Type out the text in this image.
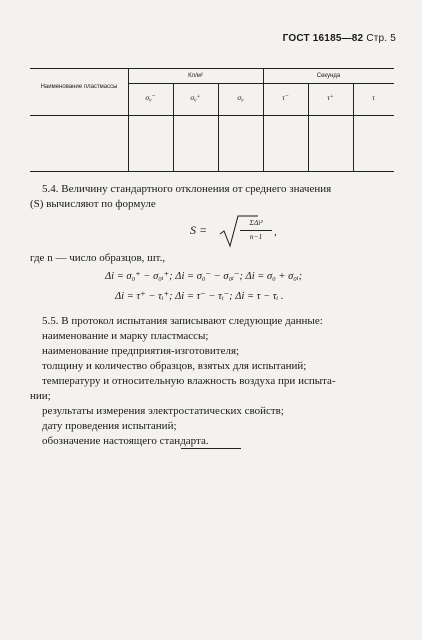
ГОСТ 16185—82 Стр. 5
Наименование пластмассы
Кл/м²	Секунда
σ₀⁻	σ₀⁺	σ₀	τ⁻	τ⁺	τ
5.4. Величину стандартного отклонения от среднего значения
(S) вычисляют по формуле
S =
ΣΔi²
n−1	,
где n — число образцов, шт.,
Δi = σ₀⁺ − σ₀ᵢ⁺; Δi = σ₀⁻ − σ₀ᵢ⁻; Δi = σ₀ + σ₀ᵢ;
Δi = τ⁺ − τᵢ⁺; Δi = τ⁻ − τᵢ⁻; Δi = τ − τᵢ .
5.5. В протокол испытания записывают следующие данные:
наименование и марку пластмассы;
наименование предприятия-изготовителя;
толщину и количество образцов, взятых для испытаний;
температуру и относительную влажность воздуха при испыта-
нии;
результаты измерения электростатических свойств;
дату проведения испытаний;
обозначение настоящего стандарта.
